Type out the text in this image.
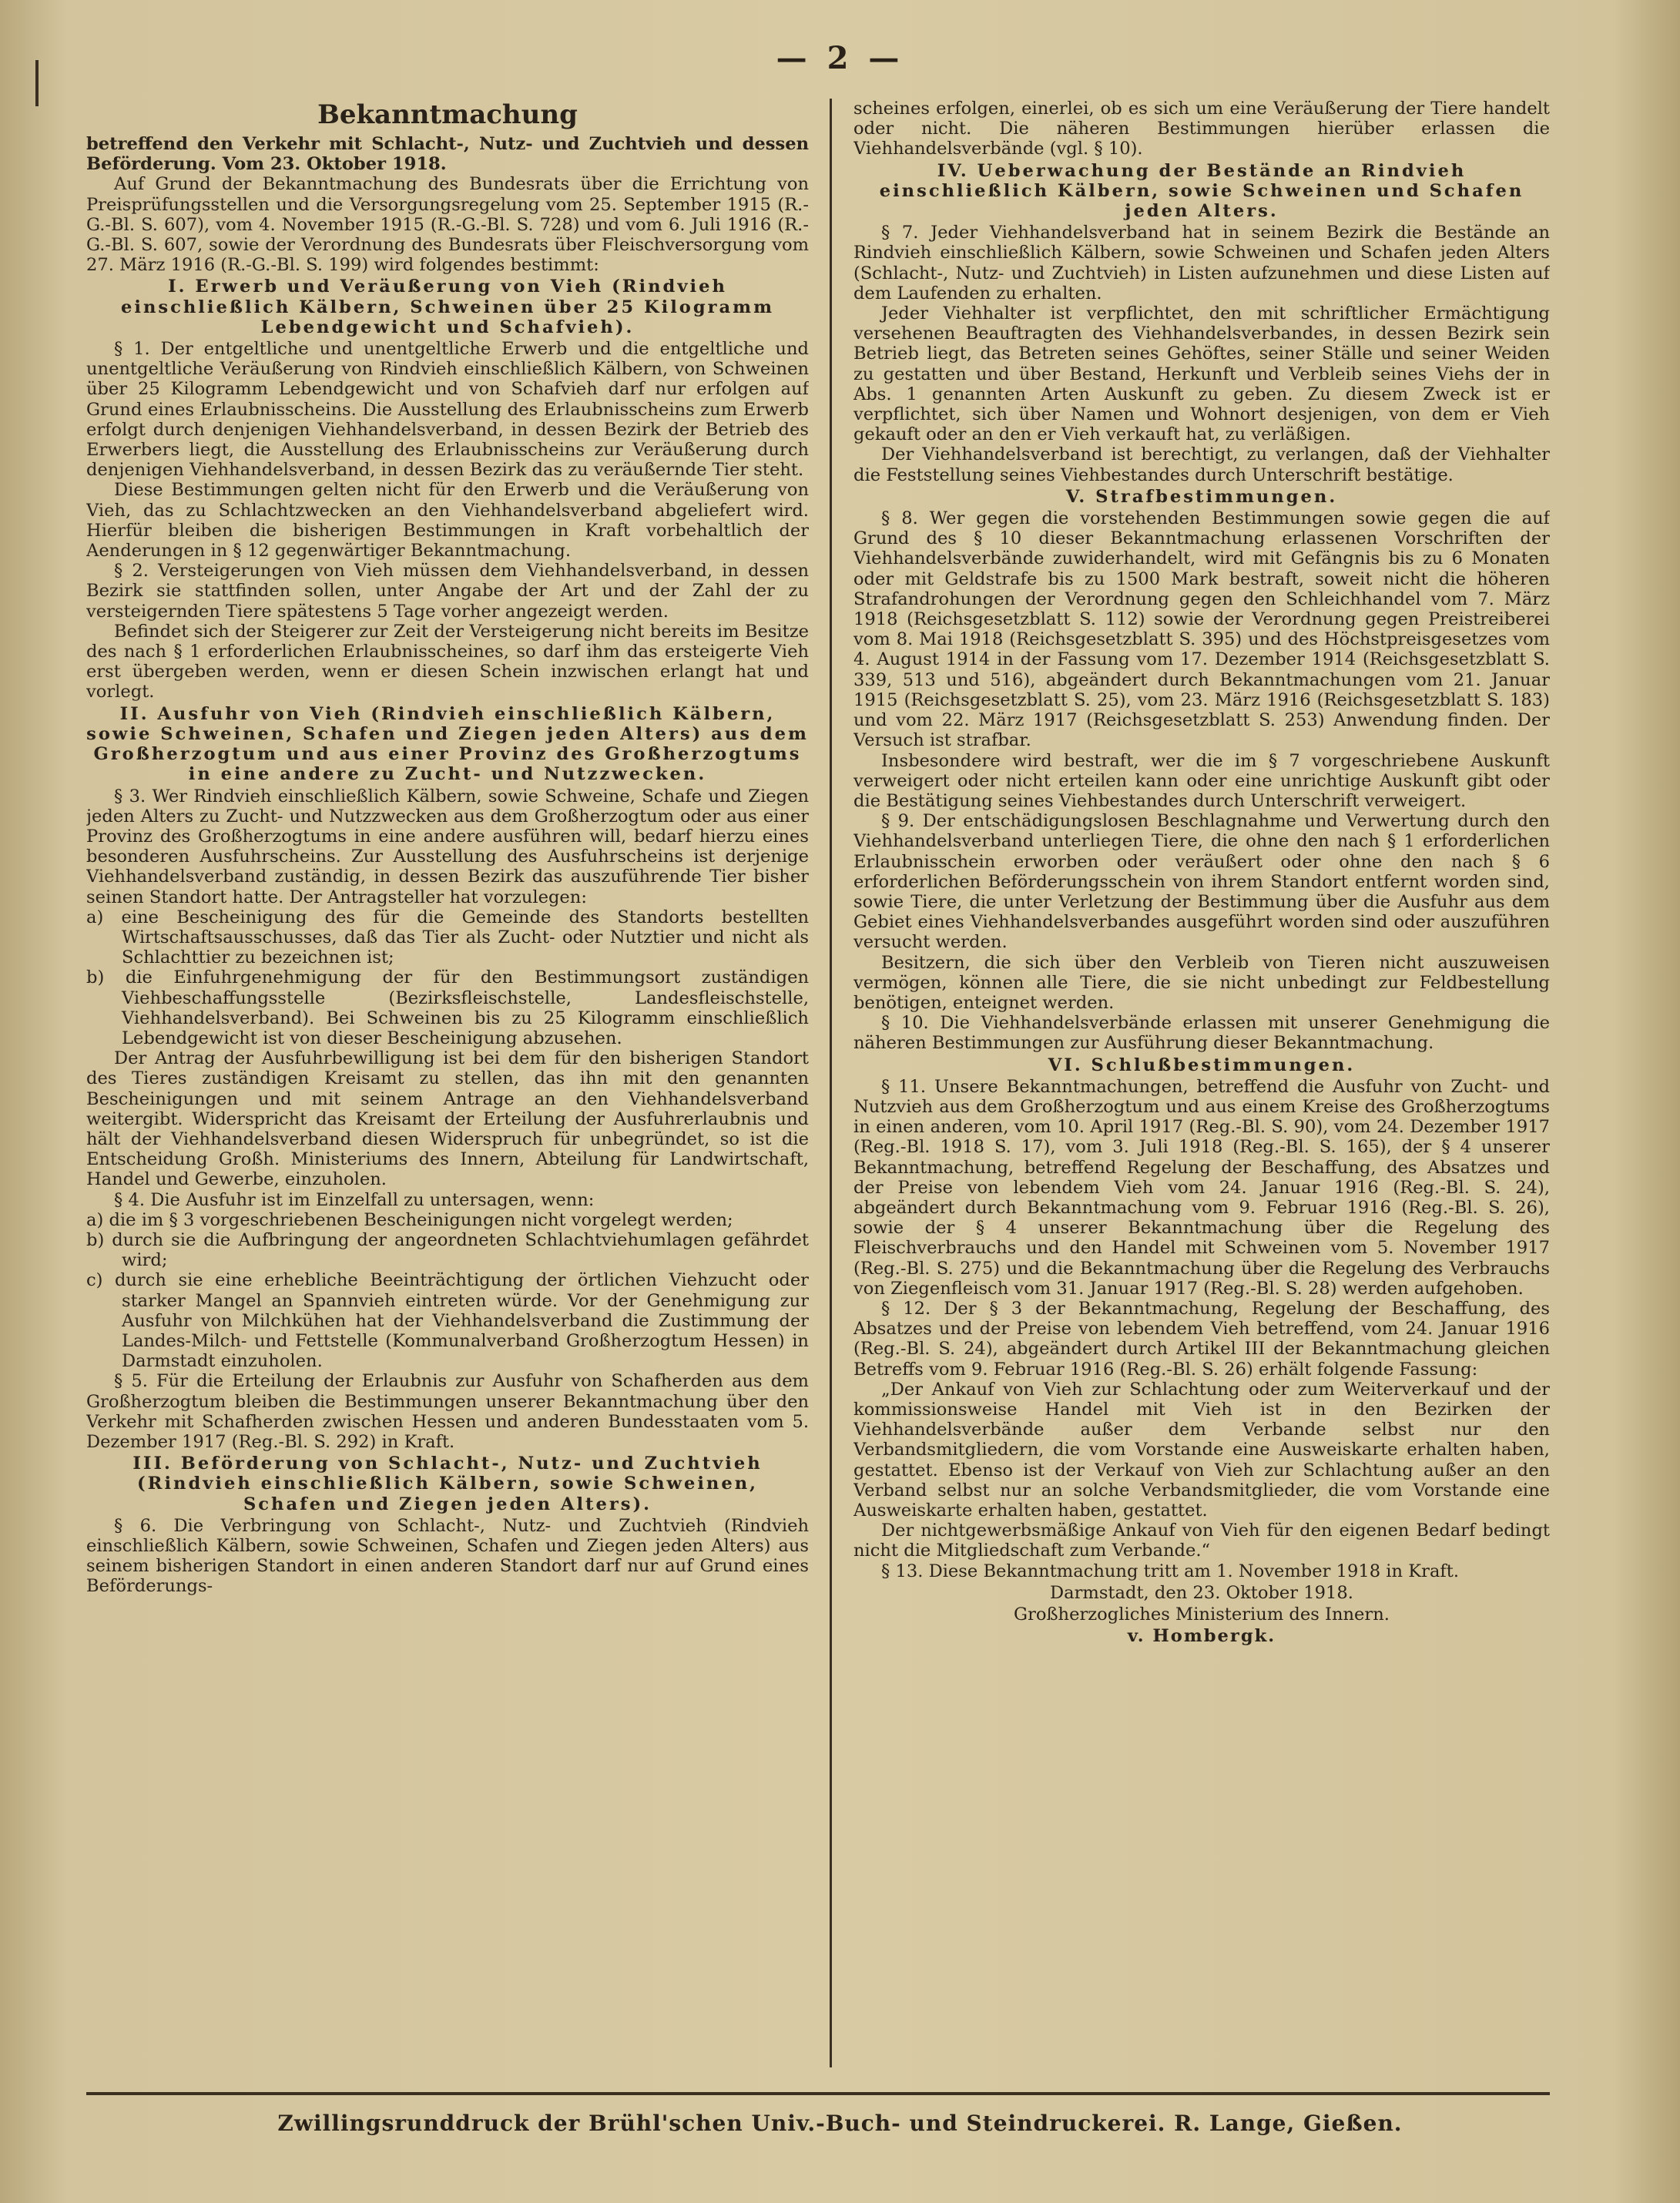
— 2 —

Bekanntmachung

betreffend den Verkehr mit Schlacht-, Nutz- und Zuchtvieh und dessen Beförderung. Vom 23. Oktober 1918.

Auf Grund der Bekanntmachung des Bundesrats über die Errichtung von Preisprüfungsstellen und die Versorgungsregelung vom 25. September 1915 (R.-G.-Bl. S. 607), vom 4. November 1915 (R.-G.-Bl. S. 728) und vom 6. Juli 1916 (R.-G.-Bl. S. 607, sowie der Verordnung des Bundesrats über Fleischversorgung vom 27. März 1916 (R.-G.-Bl. S. 199) wird folgendes bestimmt:

I. Erwerb und Veräußerung von Vieh (Rindvieh einschließlich Kälbern, Schweinen über 25 Kilogramm Lebendgewicht und Schafvieh).

§ 1. Der entgeltliche und unentgeltliche Erwerb und die entgeltliche und unentgeltliche Veräußerung von Rindvieh einschließlich Kälbern, von Schweinen über 25 Kilogramm Lebendgewicht und von Schafvieh darf nur erfolgen auf Grund eines Erlaubnisscheins. Die Ausstellung des Erlaubnisscheins zum Erwerb erfolgt durch denjenigen Viehhandelsverband, in dessen Bezirk der Betrieb des Erwerbers liegt, die Ausstellung des Erlaubnisscheins zur Veräußerung durch denjenigen Viehhandelsverband, in dessen Bezirk das zu veräußernde Tier steht.

Diese Bestimmungen gelten nicht für den Erwerb und die Veräußerung von Vieh, das zu Schlachtzwecken an den Viehhandelsverband abgeliefert wird. Hierfür bleiben die bisherigen Bestimmungen in Kraft vorbehaltlich der Aenderungen in § 12 gegenwärtiger Bekanntmachung.

§ 2. Versteigerungen von Vieh müssen dem Viehhandelsverband, in dessen Bezirk sie stattfinden sollen, unter Angabe der Art und der Zahl der zu versteigernden Tiere spätestens 5 Tage vorher angezeigt werden.

Befindet sich der Steigerer zur Zeit der Versteigerung nicht bereits im Besitze des nach § 1 erforderlichen Erlaubnisscheines, so darf ihm das ersteigerte Vieh erst übergeben werden, wenn er diesen Schein inzwischen erlangt hat und vorlegt.

II. Ausfuhr von Vieh (Rindvieh einschließlich Kälbern, sowie Schweinen, Schafen und Ziegen jeden Alters) aus dem Großherzogtum und aus einer Provinz des Großherzogtums in eine andere zu Zucht- und Nutzzwecken.

§ 3. Wer Rindvieh einschließlich Kälbern, sowie Schweine, Schafe und Ziegen jeden Alters zu Zucht- und Nutzzwecken aus dem Großherzogtum oder aus einer Provinz des Großherzogtums in eine andere ausführen will, bedarf hierzu eines besonderen Ausfuhrscheins. Zur Ausstellung des Ausfuhrscheins ist derjenige Viehhandelsverband zuständig, in dessen Bezirk das auszuführende Tier bisher seinen Standort hatte. Der Antragsteller hat vorzulegen:

a) eine Bescheinigung des für die Gemeinde des Standorts bestellten Wirtschaftsausschusses, daß das Tier als Zucht- oder Nutztier und nicht als Schlachttier zu bezeichnen ist;
b) die Einfuhrgenehmigung der für den Bestimmungsort zuständigen Viehbeschaffungsstelle (Bezirksfleischstelle, Landesfleischstelle, Viehhandelsverband). Bei Schweinen bis zu 25 Kilogramm einschließlich Lebendgewicht ist von dieser Bescheinigung abzusehen.

Der Antrag der Ausfuhrbewilligung ist bei dem für den bisherigen Standort des Tieres zuständigen Kreisamt zu stellen, das ihn mit den genannten Bescheinigungen und mit seinem Antrage an den Viehhandelsverband weitergibt. Widerspricht das Kreisamt der Erteilung der Ausfuhrerlaubnis und hält der Viehhandelsverband diesen Widerspruch für unbegründet, so ist die Entscheidung Großh. Ministeriums des Innern, Abteilung für Landwirtschaft, Handel und Gewerbe, einzuholen.

§ 4. Die Ausfuhr ist im Einzelfall zu untersagen, wenn:

a) die im § 3 vorgeschriebenen Bescheinigungen nicht vorgelegt werden;
b) durch sie die Aufbringung der angeordneten Schlachtviehumlagen gefährdet wird;
c) durch sie eine erhebliche Beeinträchtigung der örtlichen Viehzucht oder starker Mangel an Spannvieh eintreten würde. Vor der Genehmigung zur Ausfuhr von Milchkühen hat der Viehhandelsverband die Zustimmung der Landes-Milch- und Fettstelle (Kommunalverband Großherzogtum Hessen) in Darmstadt einzuholen.

§ 5. Für die Erteilung der Erlaubnis zur Ausfuhr von Schafherden aus dem Großherzogtum bleiben die Bestimmungen unserer Bekanntmachung über den Verkehr mit Schafherden zwischen Hessen und anderen Bundesstaaten vom 5. Dezember 1917 (Reg.-Bl. S. 292) in Kraft.

III. Beförderung von Schlacht-, Nutz- und Zuchtvieh (Rindvieh einschließlich Kälbern, sowie Schweinen, Schafen und Ziegen jeden Alters).

§ 6. Die Verbringung von Schlacht-, Nutz- und Zuchtvieh (Rindvieh einschließlich Kälbern, sowie Schweinen, Schafen und Ziegen jeden Alters) aus seinem bisherigen Standort in einen anderen Standort darf nur auf Grund eines Beförderungs-

scheines erfolgen, einerlei, ob es sich um eine Veräußerung der Tiere handelt oder nicht. Die näheren Bestimmungen hierüber erlassen die Viehhandelsverbände (vgl. § 10).

IV. Ueberwachung der Bestände an Rindvieh einschließlich Kälbern, sowie Schweinen und Schafen jeden Alters.

§ 7. Jeder Viehhandelsverband hat in seinem Bezirk die Bestände an Rindvieh einschließlich Kälbern, sowie Schweinen und Schafen jeden Alters (Schlacht-, Nutz- und Zuchtvieh) in Listen aufzunehmen und diese Listen auf dem Laufenden zu erhalten.

Jeder Viehhalter ist verpflichtet, den mit schriftlicher Ermächtigung versehenen Beauftragten des Viehhandelsverbandes, in dessen Bezirk sein Betrieb liegt, das Betreten seines Gehöftes, seiner Ställe und seiner Weiden zu gestatten und über Bestand, Herkunft und Verbleib seines Viehs der in Abs. 1 genannten Arten Auskunft zu geben. Zu diesem Zweck ist er verpflichtet, sich über Namen und Wohnort desjenigen, von dem er Vieh gekauft oder an den er Vieh verkauft hat, zu verläßigen.

Der Viehhandelsverband ist berechtigt, zu verlangen, daß der Viehhalter die Feststellung seines Viehbestandes durch Unterschrift bestätige.

V. Strafbestimmungen.

§ 8. Wer gegen die vorstehenden Bestimmungen sowie gegen die auf Grund des § 10 dieser Bekanntmachung erlassenen Vorschriften der Viehhandelsverbände zuwiderhandelt, wird mit Gefängnis bis zu 6 Monaten oder mit Geldstrafe bis zu 1500 Mark bestraft, soweit nicht die höheren Strafandrohungen der Verordnung gegen den Schleichhandel vom 7. März 1918 (Reichsgesetzblatt S. 112) sowie der Verordnung gegen Preistreiberei vom 8. Mai 1918 (Reichsgesetzblatt S. 395) und des Höchstpreisgesetzes vom 4. August 1914 in der Fassung vom 17. Dezember 1914 (Reichsgesetzblatt S. 339, 513 und 516), abgeändert durch Bekanntmachungen vom 21. Januar 1915 (Reichsgesetzblatt S. 25), vom 23. März 1916 (Reichsgesetzblatt S. 183) und vom 22. März 1917 (Reichsgesetzblatt S. 253) Anwendung finden. Der Versuch ist strafbar.

Insbesondere wird bestraft, wer die im § 7 vorgeschriebene Auskunft verweigert oder nicht erteilen kann oder eine unrichtige Auskunft gibt oder die Bestätigung seines Viehbestandes durch Unterschrift verweigert.

§ 9. Der entschädigungslosen Beschlagnahme und Verwertung durch den Viehhandelsverband unterliegen Tiere, die ohne den nach § 1 erforderlichen Erlaubnisschein erworben oder veräußert oder ohne den nach § 6 erforderlichen Beförderungsschein von ihrem Standort entfernt worden sind, sowie Tiere, die unter Verletzung der Bestimmung über die Ausfuhr aus dem Gebiet eines Viehhandelsverbandes ausgeführt worden sind oder auszuführen versucht werden.

Besitzern, die sich über den Verbleib von Tieren nicht auszuweisen vermögen, können alle Tiere, die sie nicht unbedingt zur Feldbestellung benötigen, enteignet werden.

§ 10. Die Viehhandelsverbände erlassen mit unserer Genehmigung die näheren Bestimmungen zur Ausführung dieser Bekanntmachung.

VI. Schlußbestimmungen.

§ 11. Unsere Bekanntmachungen, betreffend die Ausfuhr von Zucht- und Nutzvieh aus dem Großherzogtum und aus einem Kreise des Großherzogtums in einen anderen, vom 10. April 1917 (Reg.-Bl. S. 90), vom 24. Dezember 1917 (Reg.-Bl. 1918 S. 17), vom 3. Juli 1918 (Reg.-Bl. S. 165), der § 4 unserer Bekanntmachung, betreffend Regelung der Beschaffung, des Absatzes und der Preise von lebendem Vieh vom 24. Januar 1916 (Reg.-Bl. S. 24), abgeändert durch Bekanntmachung vom 9. Februar 1916 (Reg.-Bl. S. 26), sowie der § 4 unserer Bekanntmachung über die Regelung des Fleischverbrauchs und den Handel mit Schweinen vom 5. November 1917 (Reg.-Bl. S. 275) und die Bekanntmachung über die Regelung des Verbrauchs von Ziegenfleisch vom 31. Januar 1917 (Reg.-Bl. S. 28) werden aufgehoben.

§ 12. Der § 3 der Bekanntmachung, Regelung der Beschaffung, des Absatzes und der Preise von lebendem Vieh betreffend, vom 24. Januar 1916 (Reg.-Bl. S. 24), abgeändert durch Artikel III der Bekanntmachung gleichen Betreffs vom 9. Februar 1916 (Reg.-Bl. S. 26) erhält folgende Fassung:

„Der Ankauf von Vieh zur Schlachtung oder zum Weiterverkauf und der kommissionsweise Handel mit Vieh ist in den Bezirken der Viehhandelsverbände außer dem Verbande selbst nur den Verbandsmitgliedern, die vom Vorstande eine Ausweiskarte erhalten haben, gestattet. Ebenso ist der Verkauf von Vieh zur Schlachtung außer an den Verband selbst nur an solche Verbandsmitglieder, die vom Vorstande eine Ausweiskarte erhalten haben, gestattet.

Der nichtgewerbsmäßige Ankauf von Vieh für den eigenen Bedarf bedingt nicht die Mitgliedschaft zum Verbande.“

§ 13. Diese Bekanntmachung tritt am 1. November 1918 in Kraft.

Darmstadt, den 23. Oktober 1918.

Großherzogliches Ministerium des Innern.

v. Hombergk.

Zwillingsrunddruck der Brühl'schen Univ.-Buch- und Steindruckerei. R. Lange, Gießen.
